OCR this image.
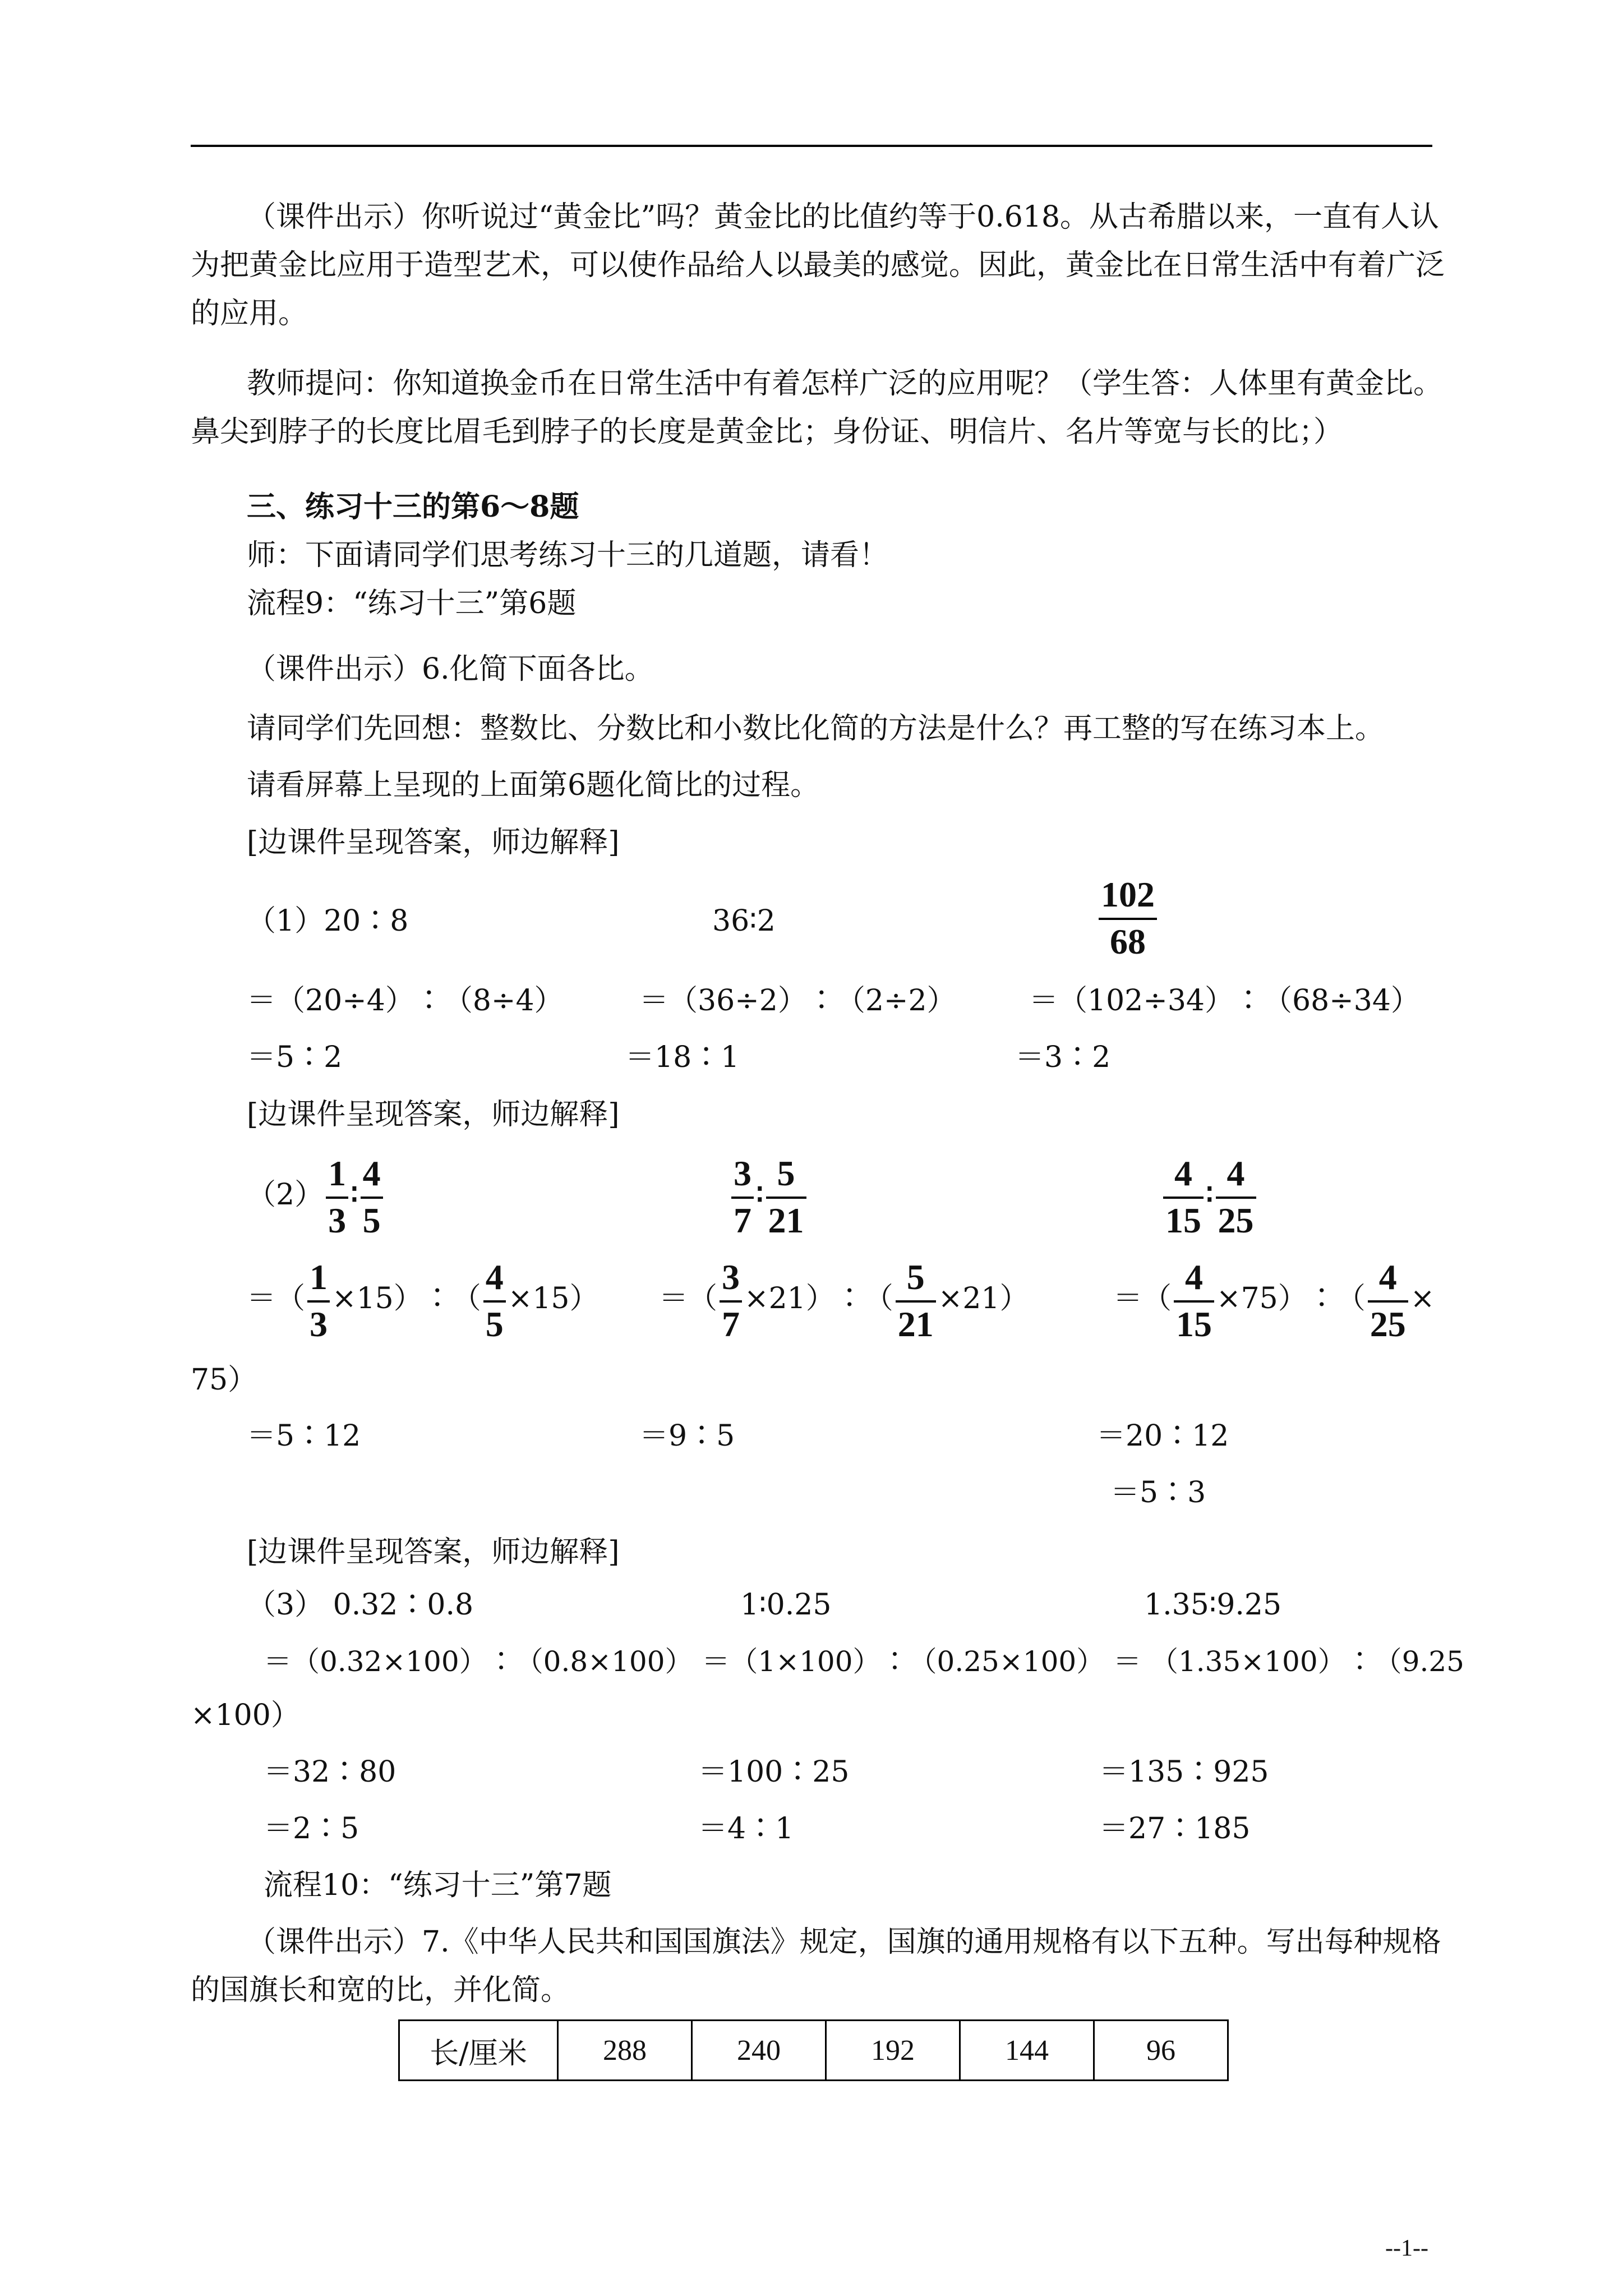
（课件出示）你听说过“黄金比”吗？黄金比的比值约等于0.618。从古希腊以来，一直有人认
为把黄金比应用于造型艺术，可以使作品给人以最美的感觉。因此，黄金比在日常生活中有着广泛
的应用。
教师提问：你知道换金币在日常生活中有着怎样广泛的应用呢？（学生答：人体里有黄金比。
鼻尖到脖子的长度比眉毛到脖子的长度是黄金比；身份证、明信片、名片等宽与长的比；）
三、练习十三的第6～8题
师：下面请同学们思考练习十三的几道题，请看！
流程9：“练习十三”第6题
（课件出示）6.化简下面各比。
请同学们先回想：整数比、分数比和小数比化简的方法是什么？再工整的写在练习本上。
请看屏幕上呈现的上面第6题化简比的过程。
[边课件呈现答案，师边解释]
（1）20∶8	36∶2	$\frac{102}{68}$
＝（20÷4）∶（8÷4）	＝（36÷2）∶（2÷2）	＝（102÷34）∶（68÷34）
＝5∶2	＝18∶1	＝3∶2
[边课件呈现答案，师边解释]
$(2) \frac{1}{3}$ ∶ $\frac{4}{5}$	$\frac{3}{7}$ ∶ $\frac{5}{21}$	$\frac{4}{15}$ ∶ $\frac{4}{25}$
＝（ $\frac{1}{3}$ ×15）∶（ $\frac{4}{5} \times 15$） ＝（ $\frac{3}{7}$ ×21）∶（ $\frac{5}{21} \times 21$）	＝（ $\frac{4}{15}$ ×75）∶（ $\frac{4}{25}$ ×
75）
＝5∶12	＝9∶5	＝20∶12
＝5∶3
[边课件呈现答案，师边解释]
（3） 0.32∶0.8	1∶0.25	1.35∶9.25
＝（0.32×100）∶（0.8×100） ＝（1×100）∶（0.25×100） ＝ （1.35×100）∶（9.25
×100）
＝32∶80	＝100∶25	＝135∶925
＝2∶5	＝4∶1	＝27∶185
流程10：“练习十三”第7题
（课件出示）7.《中华人民共和国国旗法》规定，国旗的通用规格有以下五种。写出每种规格
的国旗长和宽的比，并化简。
长/厘米	288	240	192	144	96
--1--
